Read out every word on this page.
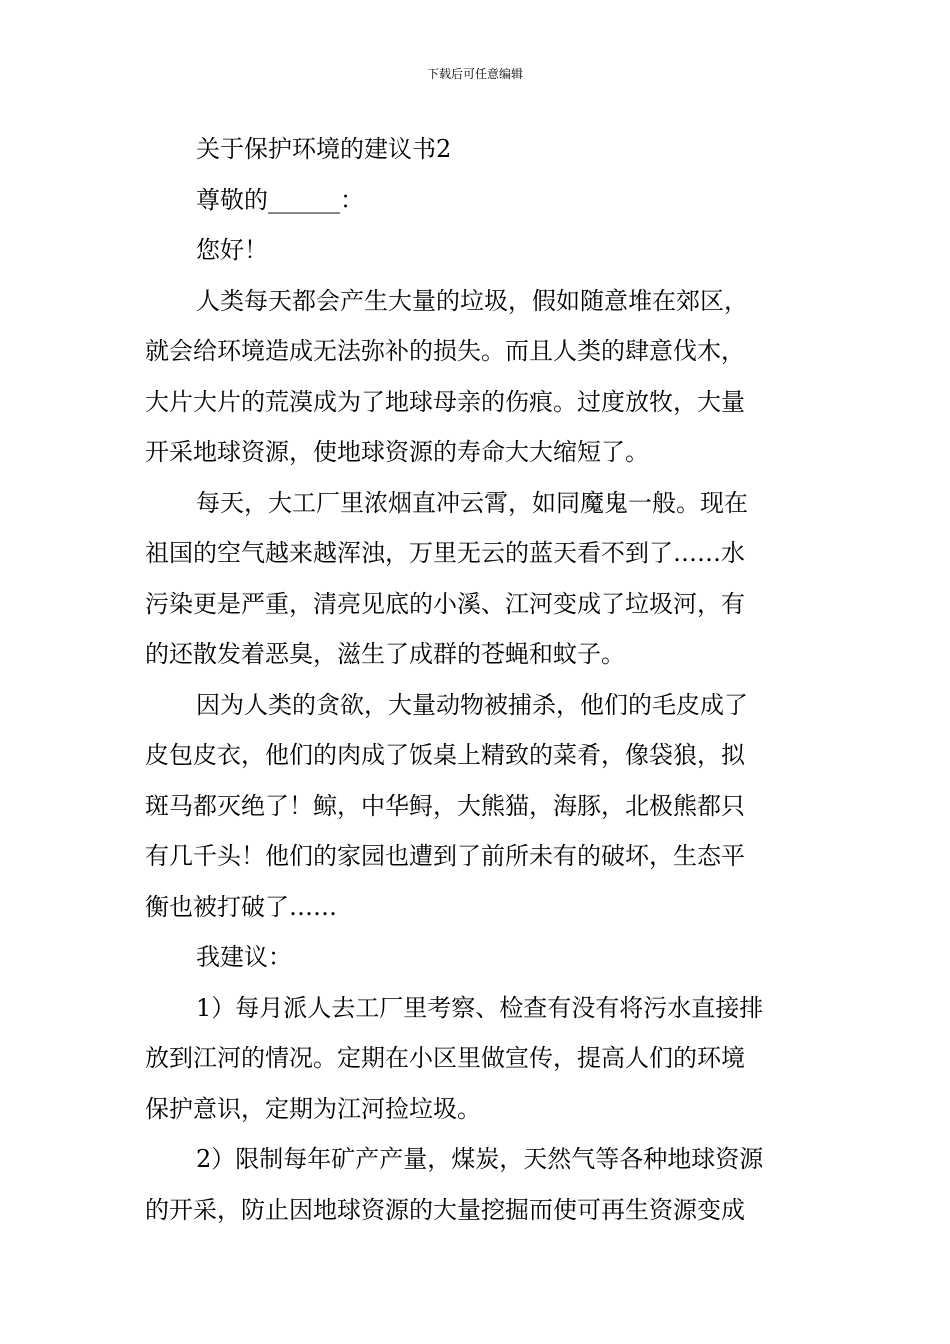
下载后可任意编辑

关于保护环境的建议书2

尊敬的______：

您好！

人类每天都会产生大量的垃圾，假如随意堆在郊区，

就会给环境造成无法弥补的损失。而且人类的肆意伐木，

大片大片的荒漠成为了地球母亲的伤痕。过度放牧，大量

开采地球资源，使地球资源的寿命大大缩短了。

每天，大工厂里浓烟直冲云霄，如同魔鬼一般。现在

祖国的空气越来越浑浊，万里无云的蓝天看不到了……水

污染更是严重，清亮见底的小溪、江河变成了垃圾河，有

的还散发着恶臭，滋生了成群的苍蝇和蚊子。

因为人类的贪欲，大量动物被捕杀，他们的毛皮成了

皮包皮衣，他们的肉成了饭桌上精致的菜肴，像袋狼，拟

斑马都灭绝了！鲸，中华鲟，大熊猫，海豚，北极熊都只

有几千头！他们的家园也遭到了前所未有的破坏，生态平

衡也被打破了……

我建议：

1）每月派人去工厂里考察、检查有没有将污水直接排

放到江河的情况。定期在小区里做宣传，提高人们的环境

保护意识，定期为江河捡垃圾。

2）限制每年矿产产量，煤炭，天然气等各种地球资源

的开采，防止因地球资源的大量挖掘而使可再生资源变成
